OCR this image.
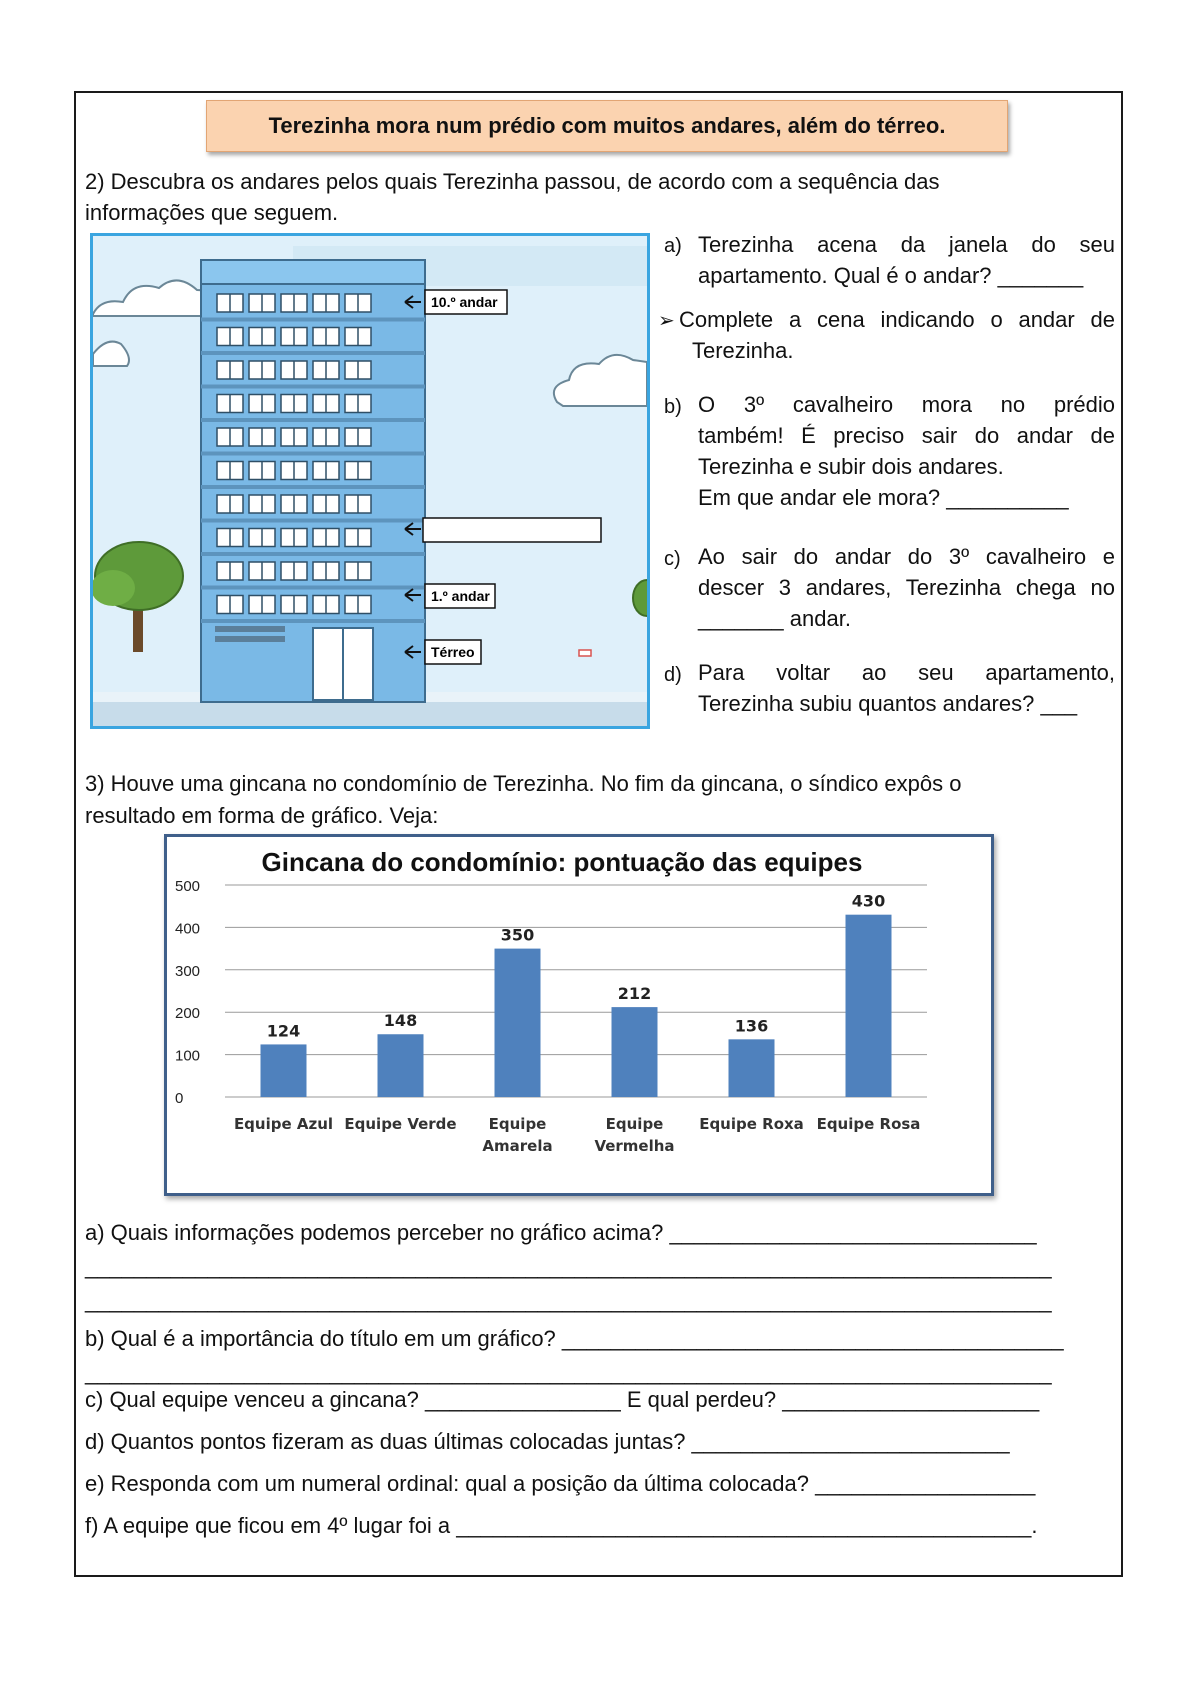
Terezinha mora num prédio com muitos andares, além do térreo.
2) Descubra os andares pelos quais Terezinha passou, de acordo com a sequência das
informações que seguem.
10.º andar
1.º andar
Térreo
a) Terezinha acena da janela do seu
apartamento. Qual é o andar? _______
➢ Complete a cena indicando o andar de
Terezinha.
b) O 3º cavalheiro mora no prédio
também! É preciso sair do andar de
Terezinha e subir dois andares.
Em que andar ele mora? __________
c) Ao sair do andar do 3º cavalheiro e
descer 3 andares, Terezinha chega no
_______ andar.
d) Para voltar ao seu apartamento,
Terezinha subiu quantos andares? ___
3) Houve uma gincana no condomínio de Terezinha. No fim da gincana, o síndico expôs o
resultado em forma de gráfico. Veja:
Gincana do condomínio: pontuação das equipes
0
100
200
300
400
500
124
Equipe Azul
148
Equipe Verde
350
Equipe
Amarela
212
Equipe
Vermelha
136
Equipe Roxa
430
Equipe Rosa
a) Quais informações podemos perceber no gráfico acima? ______________________________
_______________________________________________________________________________
_______________________________________________________________________________
b) Qual é a importância do título em um gráfico? _________________________________________
_______________________________________________________________________________
c) Qual equipe venceu a gincana? ________________ E qual perdeu? _____________________
d) Quantos pontos fizeram as duas últimas colocadas juntas? __________________________
e) Responda com um numeral ordinal: qual a posição da última colocada? __________________
f) A equipe que ficou em 4º lugar foi a _______________________________________________.
